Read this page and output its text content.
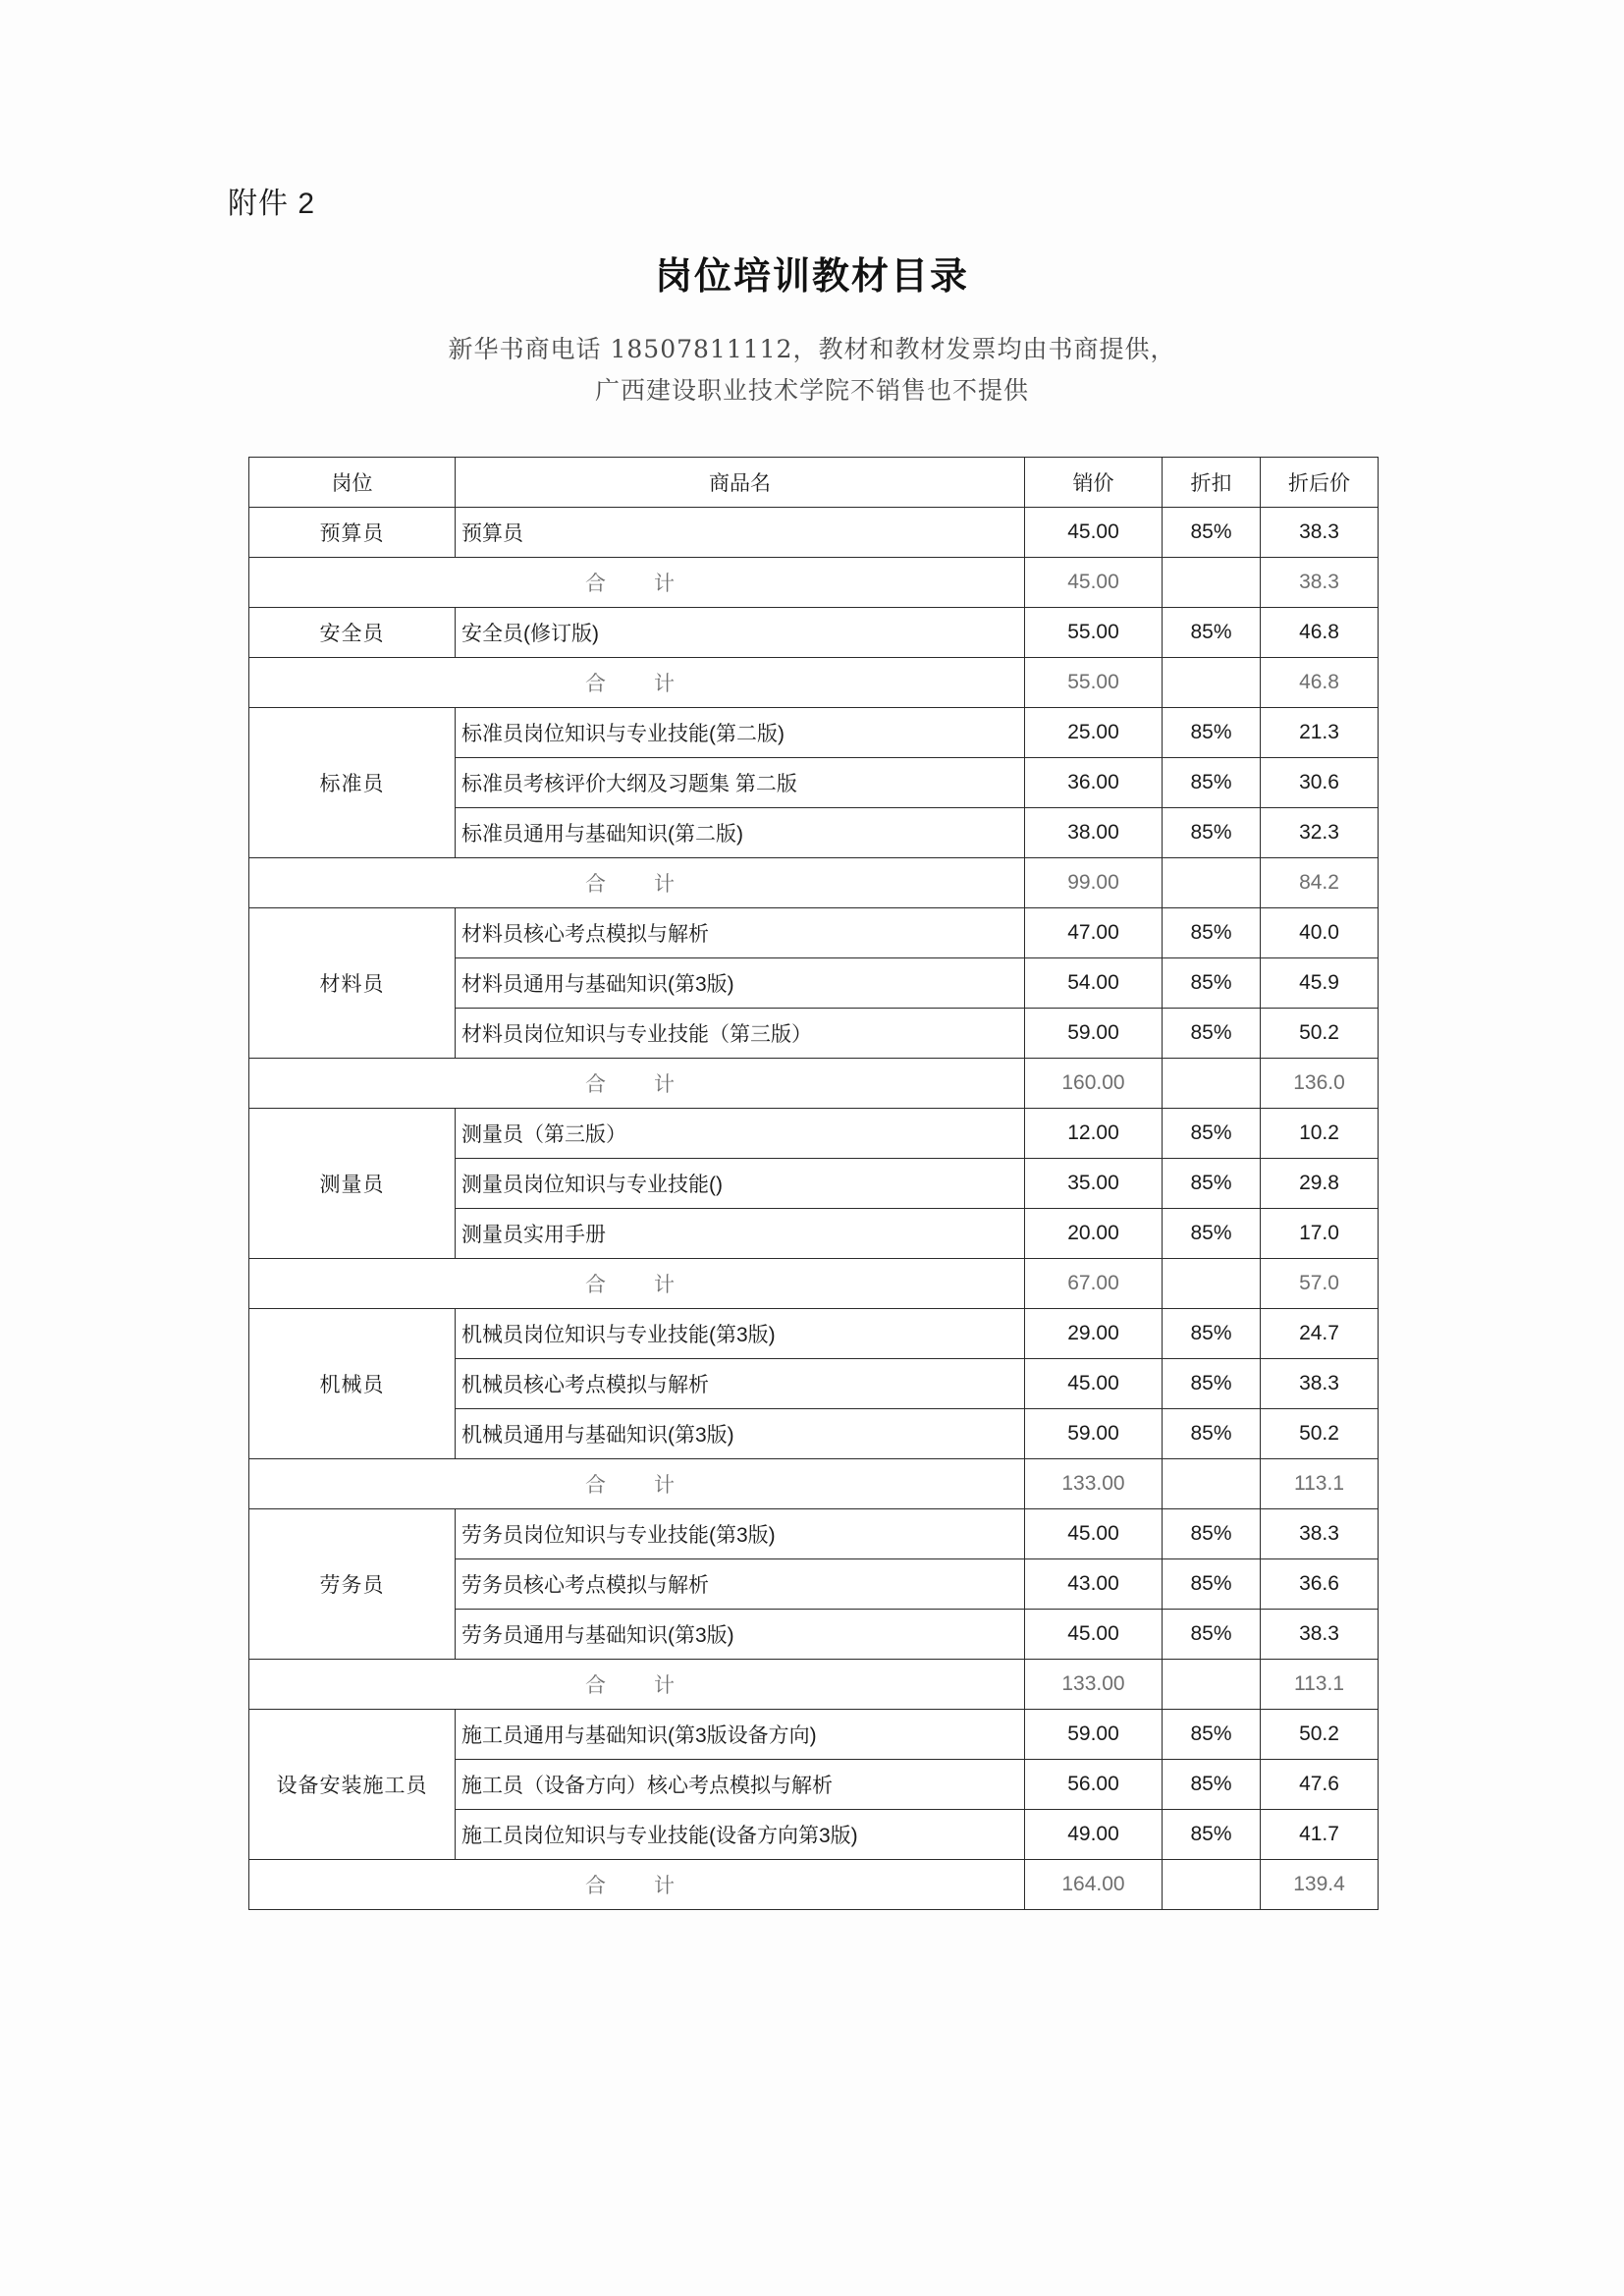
附件 2
岗位培训教材目录
新华书商电话 18507811112，教材和教材发票均由书商提供，
广西建设职业技术学院不销售也不提供
岗位	商品名	销价	折扣	折后价
预算员	预算员	45.00	85%	38.3
合　计		45.00		38.3
安全员	安全员(修订版)	55.00	85%	46.8
合　计		55.00		46.8
标准员	标准员岗位知识与专业技能(第二版)	25.00	85%	21.3
	标准员考核评价大纲及习题集 第二版	36.00	85%	30.6
	标准员通用与基础知识(第二版)	38.00	85%	32.3
合　计		99.00		84.2
材料员	材料员核心考点模拟与解析	47.00	85%	40.0
	材料员通用与基础知识(第3版)	54.00	85%	45.9
	材料员岗位知识与专业技能（第三版）	59.00	85%	50.2
合　计		160.00		136.0
测量员	测量员（第三版）	12.00	85%	10.2
	测量员岗位知识与专业技能()	35.00	85%	29.8
	测量员实用手册	20.00	85%	17.0
合　计		67.00		57.0
机械员	机械员岗位知识与专业技能(第3版)	29.00	85%	24.7
	机械员核心考点模拟与解析	45.00	85%	38.3
	机械员通用与基础知识(第3版)	59.00	85%	50.2
合　计		133.00		113.1
劳务员	劳务员岗位知识与专业技能(第3版)	45.00	85%	38.3
	劳务员核心考点模拟与解析	43.00	85%	36.6
	劳务员通用与基础知识(第3版)	45.00	85%	38.3
合　计		133.00		113.1
设备安装施工员	施工员通用与基础知识(第3版设备方向)	59.00	85%	50.2
	施工员（设备方向）核心考点模拟与解析	56.00	85%	47.6
	施工员岗位知识与专业技能(设备方向第3版)	49.00	85%	41.7
合　计		164.00		139.4
